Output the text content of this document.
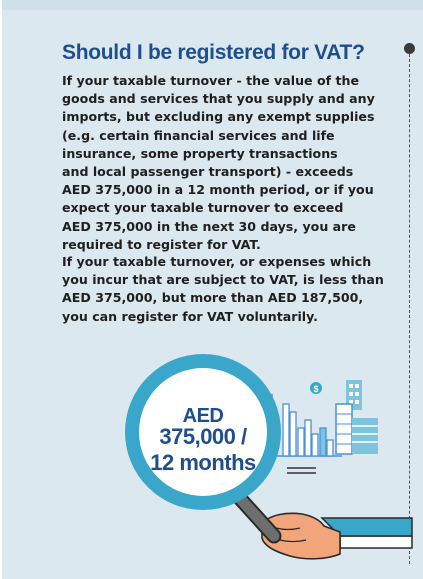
Should I be registered for VAT?

If your taxable turnover - the value of the
goods and services that you supply and any
imports, but excluding any exempt supplies
(e.g. certain financial services and life
insurance, some property transactions
and local passenger transport) - exceeds
AED 375,000 in a 12 month period, or if you
expect your taxable turnover to exceed
AED 375,000 in the next 30 days, you are
required to register for VAT.

If your taxable turnover, or expenses which
you incur that are subject to VAT, is less than
AED 375,000, but more than AED 187,500,
you can register for VAT voluntarily.

$
AED
375,000 /
12 months
